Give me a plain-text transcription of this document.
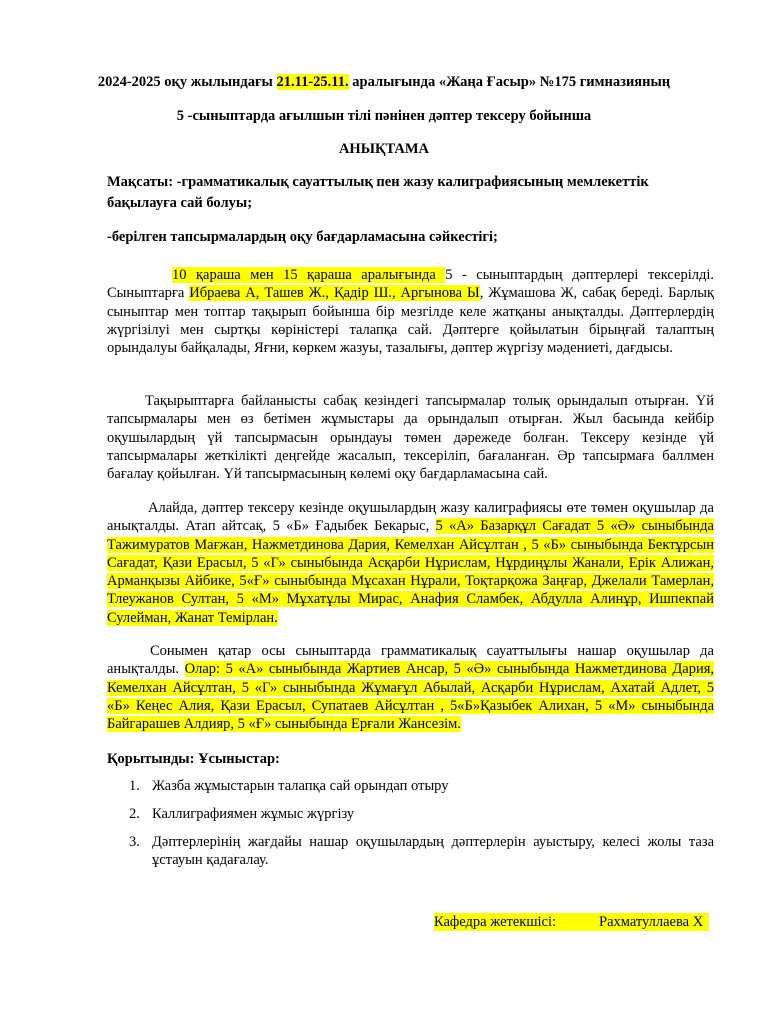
2024-2025 оқу жылындағы 21.11-25.11. аралығында «Жаңа Ғасыр» №175 гимназияның
5 -сыныптарда ағылшын тілі пәнінен дәптер тексеру бойынша
АНЫҚТАМА
Мақсаты: -грамматикалық сауаттылық пен жазу калиграфиясының мемлекеттік
бақылауға сай болуы;
-берілген тапсырмалардың оқу бағдарламасына сәйкестігі;
10 қараша мен 15 қараша аралығында 5 - сыныптардың дәптерлері тексерілді. Сыныптарға Ибраева А, Ташев Ж., Қадір Ш., Аргынова Ы, Жұмашова Ж, сабақ береді. Барлық сыныптар мен топтар тақырып бойынша бір мезгілде келе жатқаны анықталды. Дәптерлердің жүргізілуі мен сыртқы көріністері талапқа сай. Дәптерге қойылатын бірыңғай талаптың орындалуы байқалады, Яғни, көркем жазуы, тазалығы, дәптер жүргізу мәдениеті, дағдысы.
Тақырыптарға байланысты сабақ кезіндегі тапсырмалар толық орындалып отырған. Үй тапсырмалары мен өз бетімен жұмыстары да орындалып отырған. Жыл басында кейбір оқушылардың үй тапсырмасын орындауы төмен дәрежеде болған. Тексеру кезінде үй тапсырмалары жеткілікті деңгейде жасалып, тексеріліп, бағаланған. Әр тапсырмаға баллмен бағалау қойылған. Үй тапсырмасының көлемі оқу бағдарламасына сай.
Алайда, дәптер тексеру кезінде оқушылардың жазу калиграфиясы өте төмен оқушылар да анықталды. Атап айтсақ, 5 «Б» Ғадыбек Бекарыс, 5 «А» Базарқұл Сағадат 5 «Ә» сыныбында Тажимуратов Мағжан, Нажметдинова Дария, Кемелхан Айсұлтан , 5 «Б» сыныбында Бектұрсын Сағадат, Қази Ерасыл, 5 «Г» сыныбында Асқарби Нұрислам, Нұрдиңұлы Жанали, Ерік Алижан, Арманқызы Айбике, 5«Ғ» сыныбында Мұсахан Нұрали, Тоқтарқожа Заңғар, Джелали Тамерлан, Тлеужанов Султан, 5 «М» Мұхатұлы Мирас, Анафия Сламбек, Абдулла Алинұр, Ишпекпай Сулейман, Жанат Темірлан.
Сонымен қатар осы сыныптарда грамматикалық сауаттылығы нашар оқушылар да анықталды. Олар: 5 «А» сыныбында Жартиев Ансар, 5 «Ә» сыныбында Нажметдинова Дария, Кемелхан Айсұлтан, 5 «Г» сыныбында Жұмағұл Абылай, Асқарби Нұрислам, Ахатай Адлет, 5 «Б» Кеңес Алия, Қази Ерасыл, Супатаев Айсұлтан , 5«Б»Қазыбек Алихан, 5 «М» сыныбында Байгарашев Алдияр, 5 «Ғ» сыныбында Ерғали Жансезім.
Қорытынды: Ұсыныстар:
1. Жазба жұмыстарын талапқа сай орындап отыру
2. Каллиграфиямен жұмыс жүргізу
3. Дәптерлерінің жағдайы нашар оқушылардың дәптерлерін ауыстыру, келесі жолы таза ұстауын қадағалау.
Кафедра жетекшісі:	Рахматуллаева Х
